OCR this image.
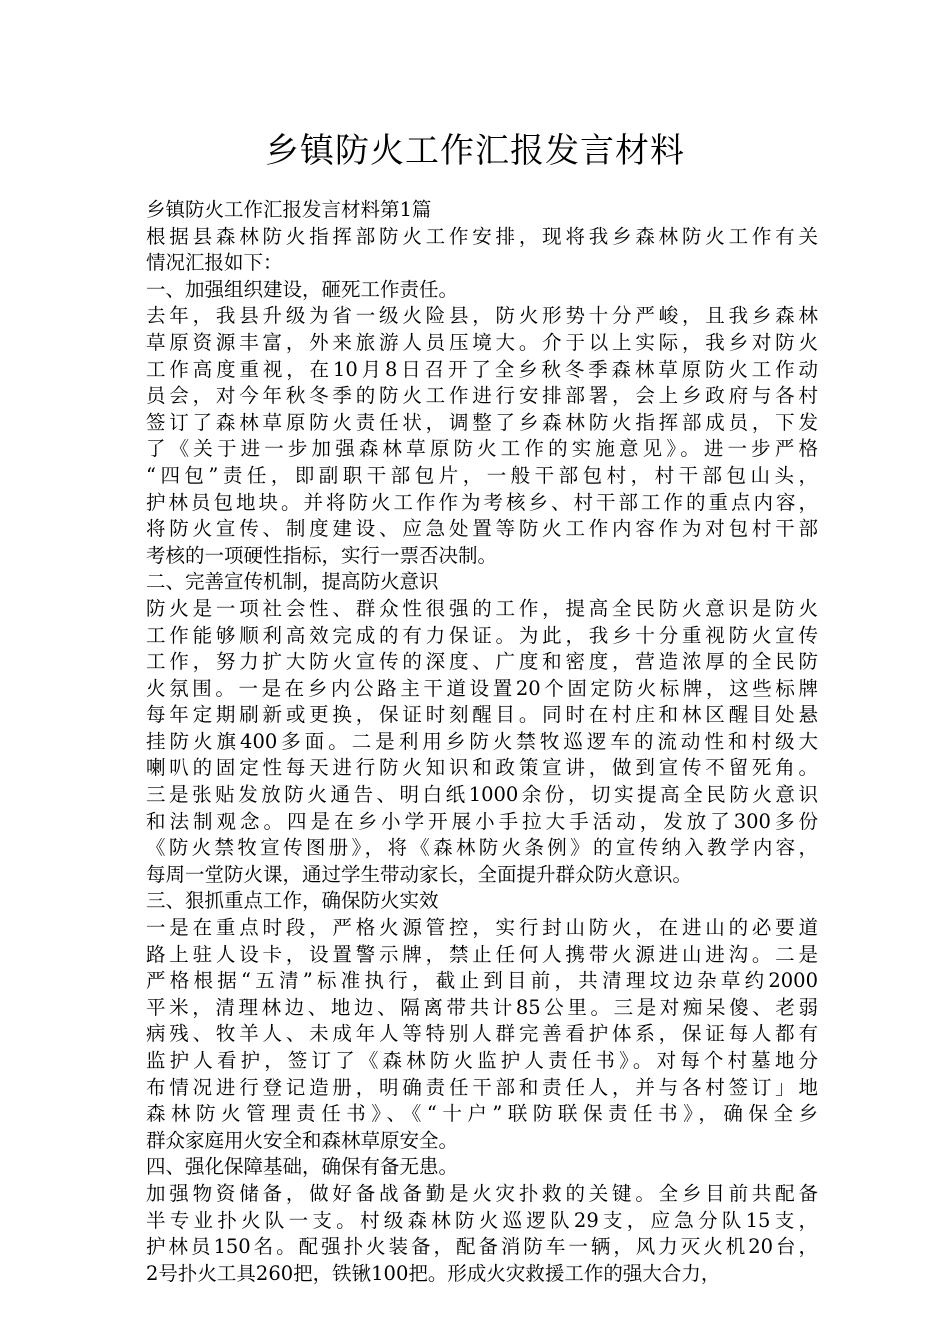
乡镇防火工作汇报发言材料
乡镇防火工作汇报发言材料第1篇
根据县森林防火指挥部防火工作安排，现将我乡森林防火工作有关
情况汇报如下：
一、加强组织建设，砸死工作责任。
去年，我县升级为省一级火险县，防火形势十分严峻，且我乡森林
草原资源丰富，外来旅游人员压境大。介于以上实际，我乡对防火
工作高度重视，在10月8日召开了全乡秋冬季森林草原防火工作动
员会，对今年秋冬季的防火工作进行安排部署，会上乡政府与各村
签订了森林草原防火责任状，调整了乡森林防火指挥部成员，下发
了《关于进一步加强森林草原防火工作的实施意见》。进一步严格
“四包”责任，即副职干部包片，一般干部包村，村干部包山头，
护林员包地块。并将防火工作作为考核乡、村干部工作的重点内容，
将防火宣传、制度建设、应急处置等防火工作内容作为对包村干部
考核的一项硬性指标，实行一票否决制。
二、完善宣传机制，提高防火意识
防火是一项社会性、群众性很强的工作，提高全民防火意识是防火
工作能够顺利高效完成的有力保证。为此，我乡十分重视防火宣传
工作，努力扩大防火宣传的深度、广度和密度，营造浓厚的全民防
火氛围。一是在乡内公路主干道设置20个固定防火标牌，这些标牌
每年定期刷新或更换，保证时刻醒目。同时在村庄和林区醒目处悬
挂防火旗400多面。二是利用乡防火禁牧巡逻车的流动性和村级大
喇叭的固定性每天进行防火知识和政策宣讲，做到宣传不留死角。
三是张贴发放防火通告、明白纸1000余份，切实提高全民防火意识
和法制观念。四是在乡小学开展小手拉大手活动，发放了300多份
《防火禁牧宣传图册》，将《森林防火条例》的宣传纳入教学内容，
每周一堂防火课，通过学生带动家长，全面提升群众防火意识。
三、狠抓重点工作，确保防火实效
一是在重点时段，严格火源管控，实行封山防火，在进山的必要道
路上驻人设卡，设置警示牌，禁止任何人携带火源进山进沟。二是
严格根据“五清”标准执行，截止到目前，共清理坟边杂草约2000
平米，清理林边、地边、隔离带共计85公里。三是对痴呆傻、老弱
病残、牧羊人、未成年人等特别人群完善看护体系，保证每人都有
监护人看护，签订了《森林防火监护人责任书》。对每个村墓地分
布情况进行登记造册，明确责任干部和责任人，并与各村签订」地
森林防火管理责任书》、《“十户”联防联保责任书》，确保全乡
群众家庭用火安全和森林草原安全。
四、强化保障基础，确保有备无患。
加强物资储备，做好备战备勤是火灾扑救的关键。全乡目前共配备
半专业扑火队一支。村级森林防火巡逻队29支，应急分队15支，
护林员150名。配强扑火装备，配备消防车一辆，风力灭火机20台，
2号扑火工具260把，铁锹100把。形成火灾救援工作的强大合力，
